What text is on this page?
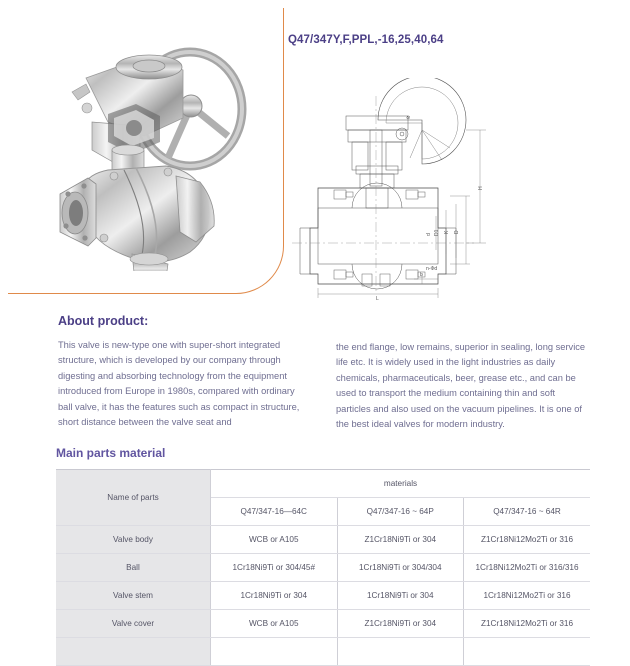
Q47/347Y,F,PPL,-16,25,40,64
H
D
K
D1
d
L
b
n-Φd
Φ
About product:
This valve is new-type one with super-short integrated structure, which is developed by our company through digesting and absorbing technology from the equipment introduced from Europe in 1980s, compared with ordinary ball valve, it has the features such as compact in structure, short distance between the valve seat and
the end flange, low remains, superior in sealing, long service life etc. It is widely used in the light industries as daily chemicals, pharmaceuticals, beer, grease etc., and can be used to transport the medium containing thin and soft particles and also used on the vacuum pipelines. It is one of the best ideal valves for modern industry.
Main parts material
Name of parts	materials		
	Q47/347-16—64C	Q47/347-16 ~ 64P	Q47/347-16 ~ 64R
Valve body	WCB or A105	Z1Cr18Ni9Ti or 304	Z1Cr18Ni12Mo2Ti or 316
Ball	1Cr18Ni9Ti or 304/45#	1Cr18Ni9Ti or 304/304	1Cr18Ni12Mo2Ti or 316/316
Valve stem	1Cr18Ni9Ti or 304	1Cr18Ni9Ti or 304	1Cr18Ni12Mo2Ti or 316
Valve cover	WCB or A105	Z1Cr18Ni9Ti or 304	Z1Cr18Ni12Mo2Ti or 316
